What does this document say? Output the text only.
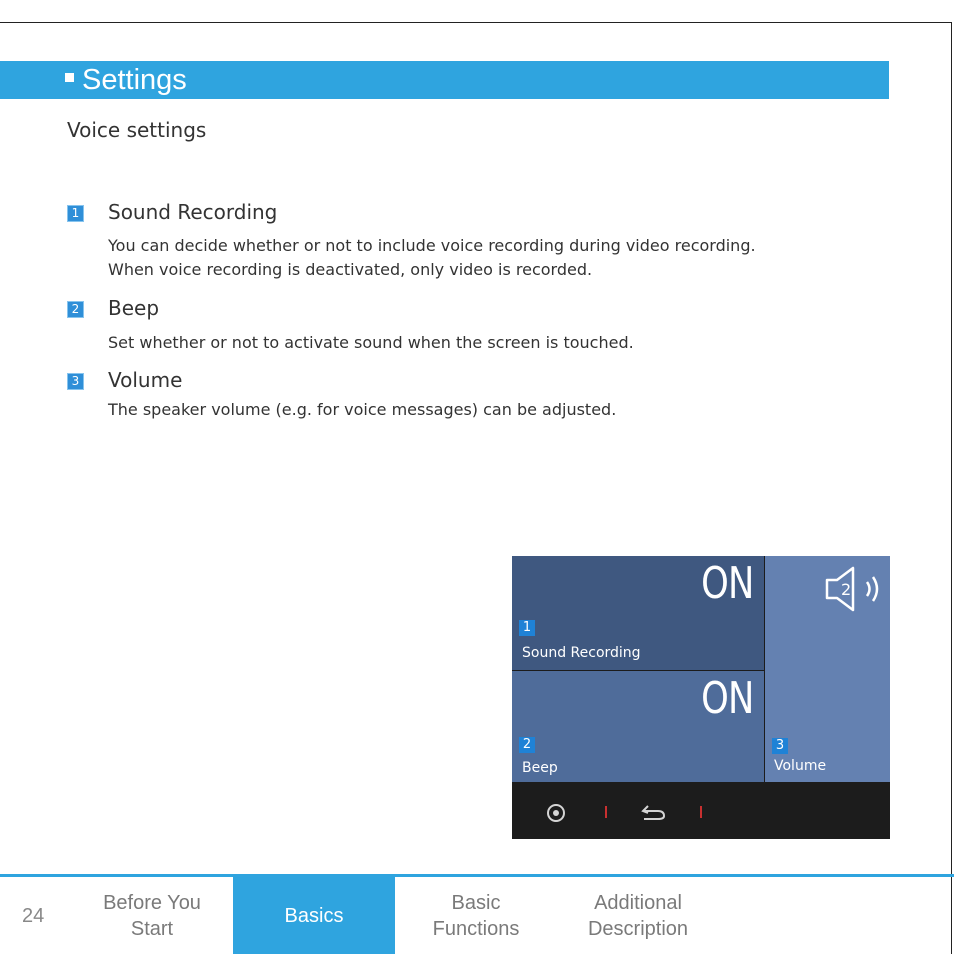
Settings
Voice settings
1 Sound Recording

You can decide whether or not to include voice recording during video recording.

When voice recording is deactivated, only video is recorded.

2 Beep

Set whether or not to activate sound when the screen is touched.

3 Volume

The speaker volume (e.g. for voice messages) can be adjusted.

ON
1
Sound Recording
ON
2
Beep
2
3
Volume
24
Before You
Start
Basics
Basic
Functions
Additional
Description
